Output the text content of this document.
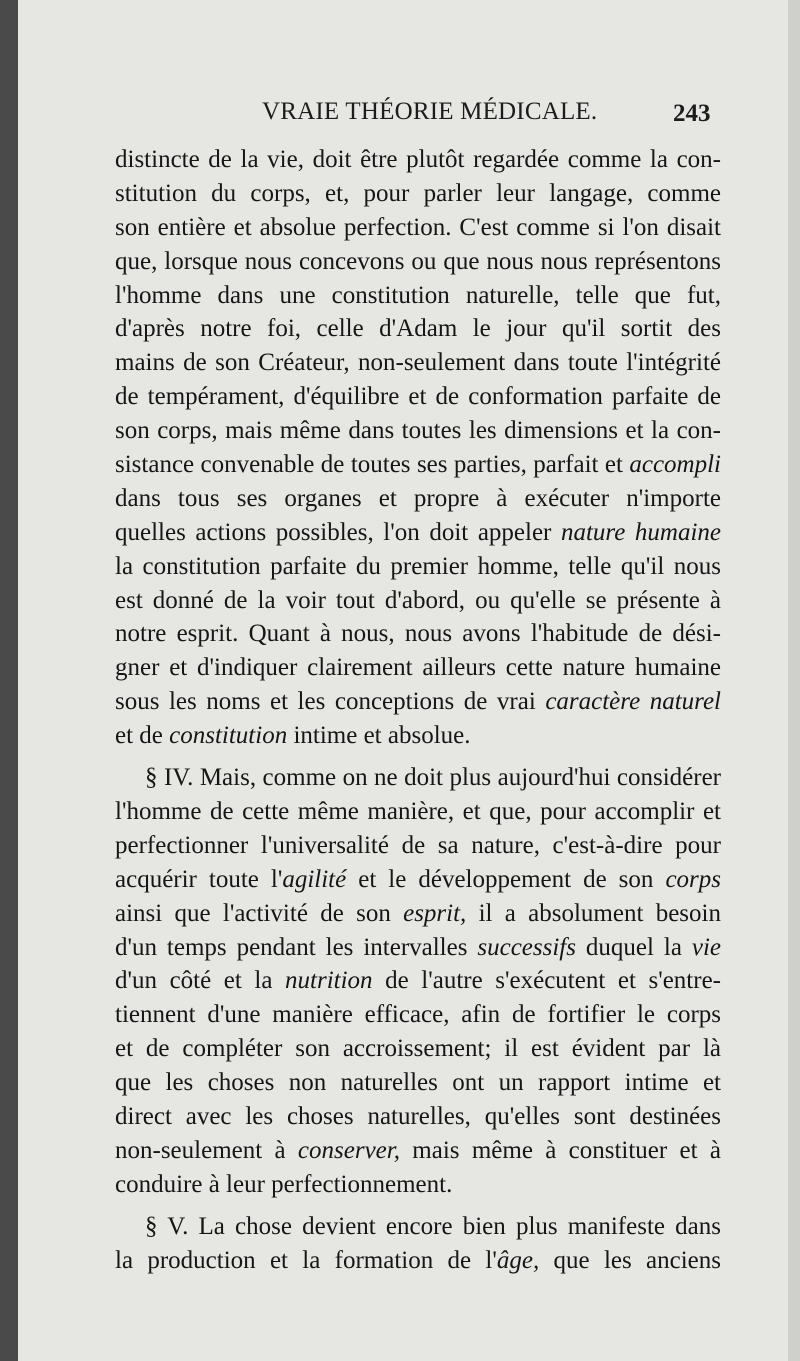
VRAIE THÉORIE MÉDICALE.	243
distincte de la vie, doit être plutôt regardée comme la con-
stitution du corps, et, pour parler leur langage, comme
son entière et absolue perfection. C'est comme si l'on disait
que, lorsque nous concevons ou que nous nous représentons
l'homme dans une constitution naturelle, telle que fut,
d'après notre foi, celle d'Adam le jour qu'il sortit des
mains de son Créateur, non-seulement dans toute l'intégrité
de tempérament, d'équilibre et de conformation parfaite de
son corps, mais même dans toutes les dimensions et la con-
sistance convenable de toutes ses parties, parfait et accompli
dans tous ses organes et propre à exécuter n'importe
quelles actions possibles, l'on doit appeler nature humaine
la constitution parfaite du premier homme, telle qu'il nous
est donné de la voir tout d'abord, ou qu'elle se présente à
notre esprit. Quant à nous, nous avons l'habitude de dési-
gner et d'indiquer clairement ailleurs cette nature humaine
sous les noms et les conceptions de vrai caractère naturel
et de constitution intime et absolue.
§ IV. Mais, comme on ne doit plus aujourd'hui considérer
l'homme de cette même manière, et que, pour accomplir et
perfectionner l'universalité de sa nature, c'est-à-dire pour
acquérir toute l'agilité et le développement de son corps
ainsi que l'activité de son esprit, il a absolument besoin
d'un temps pendant les intervalles successifs duquel la vie
d'un côté et la nutrition de l'autre s'exécutent et s'entre-
tiennent d'une manière efficace, afin de fortifier le corps
et de compléter son accroissement; il est évident par là
que les choses non naturelles ont un rapport intime et
direct avec les choses naturelles, qu'elles sont destinées
non-seulement à conserver, mais même à constituer et à
conduire à leur perfectionnement.
§ V. La chose devient encore bien plus manifeste dans
la production et la formation de l'âge, que les anciens
